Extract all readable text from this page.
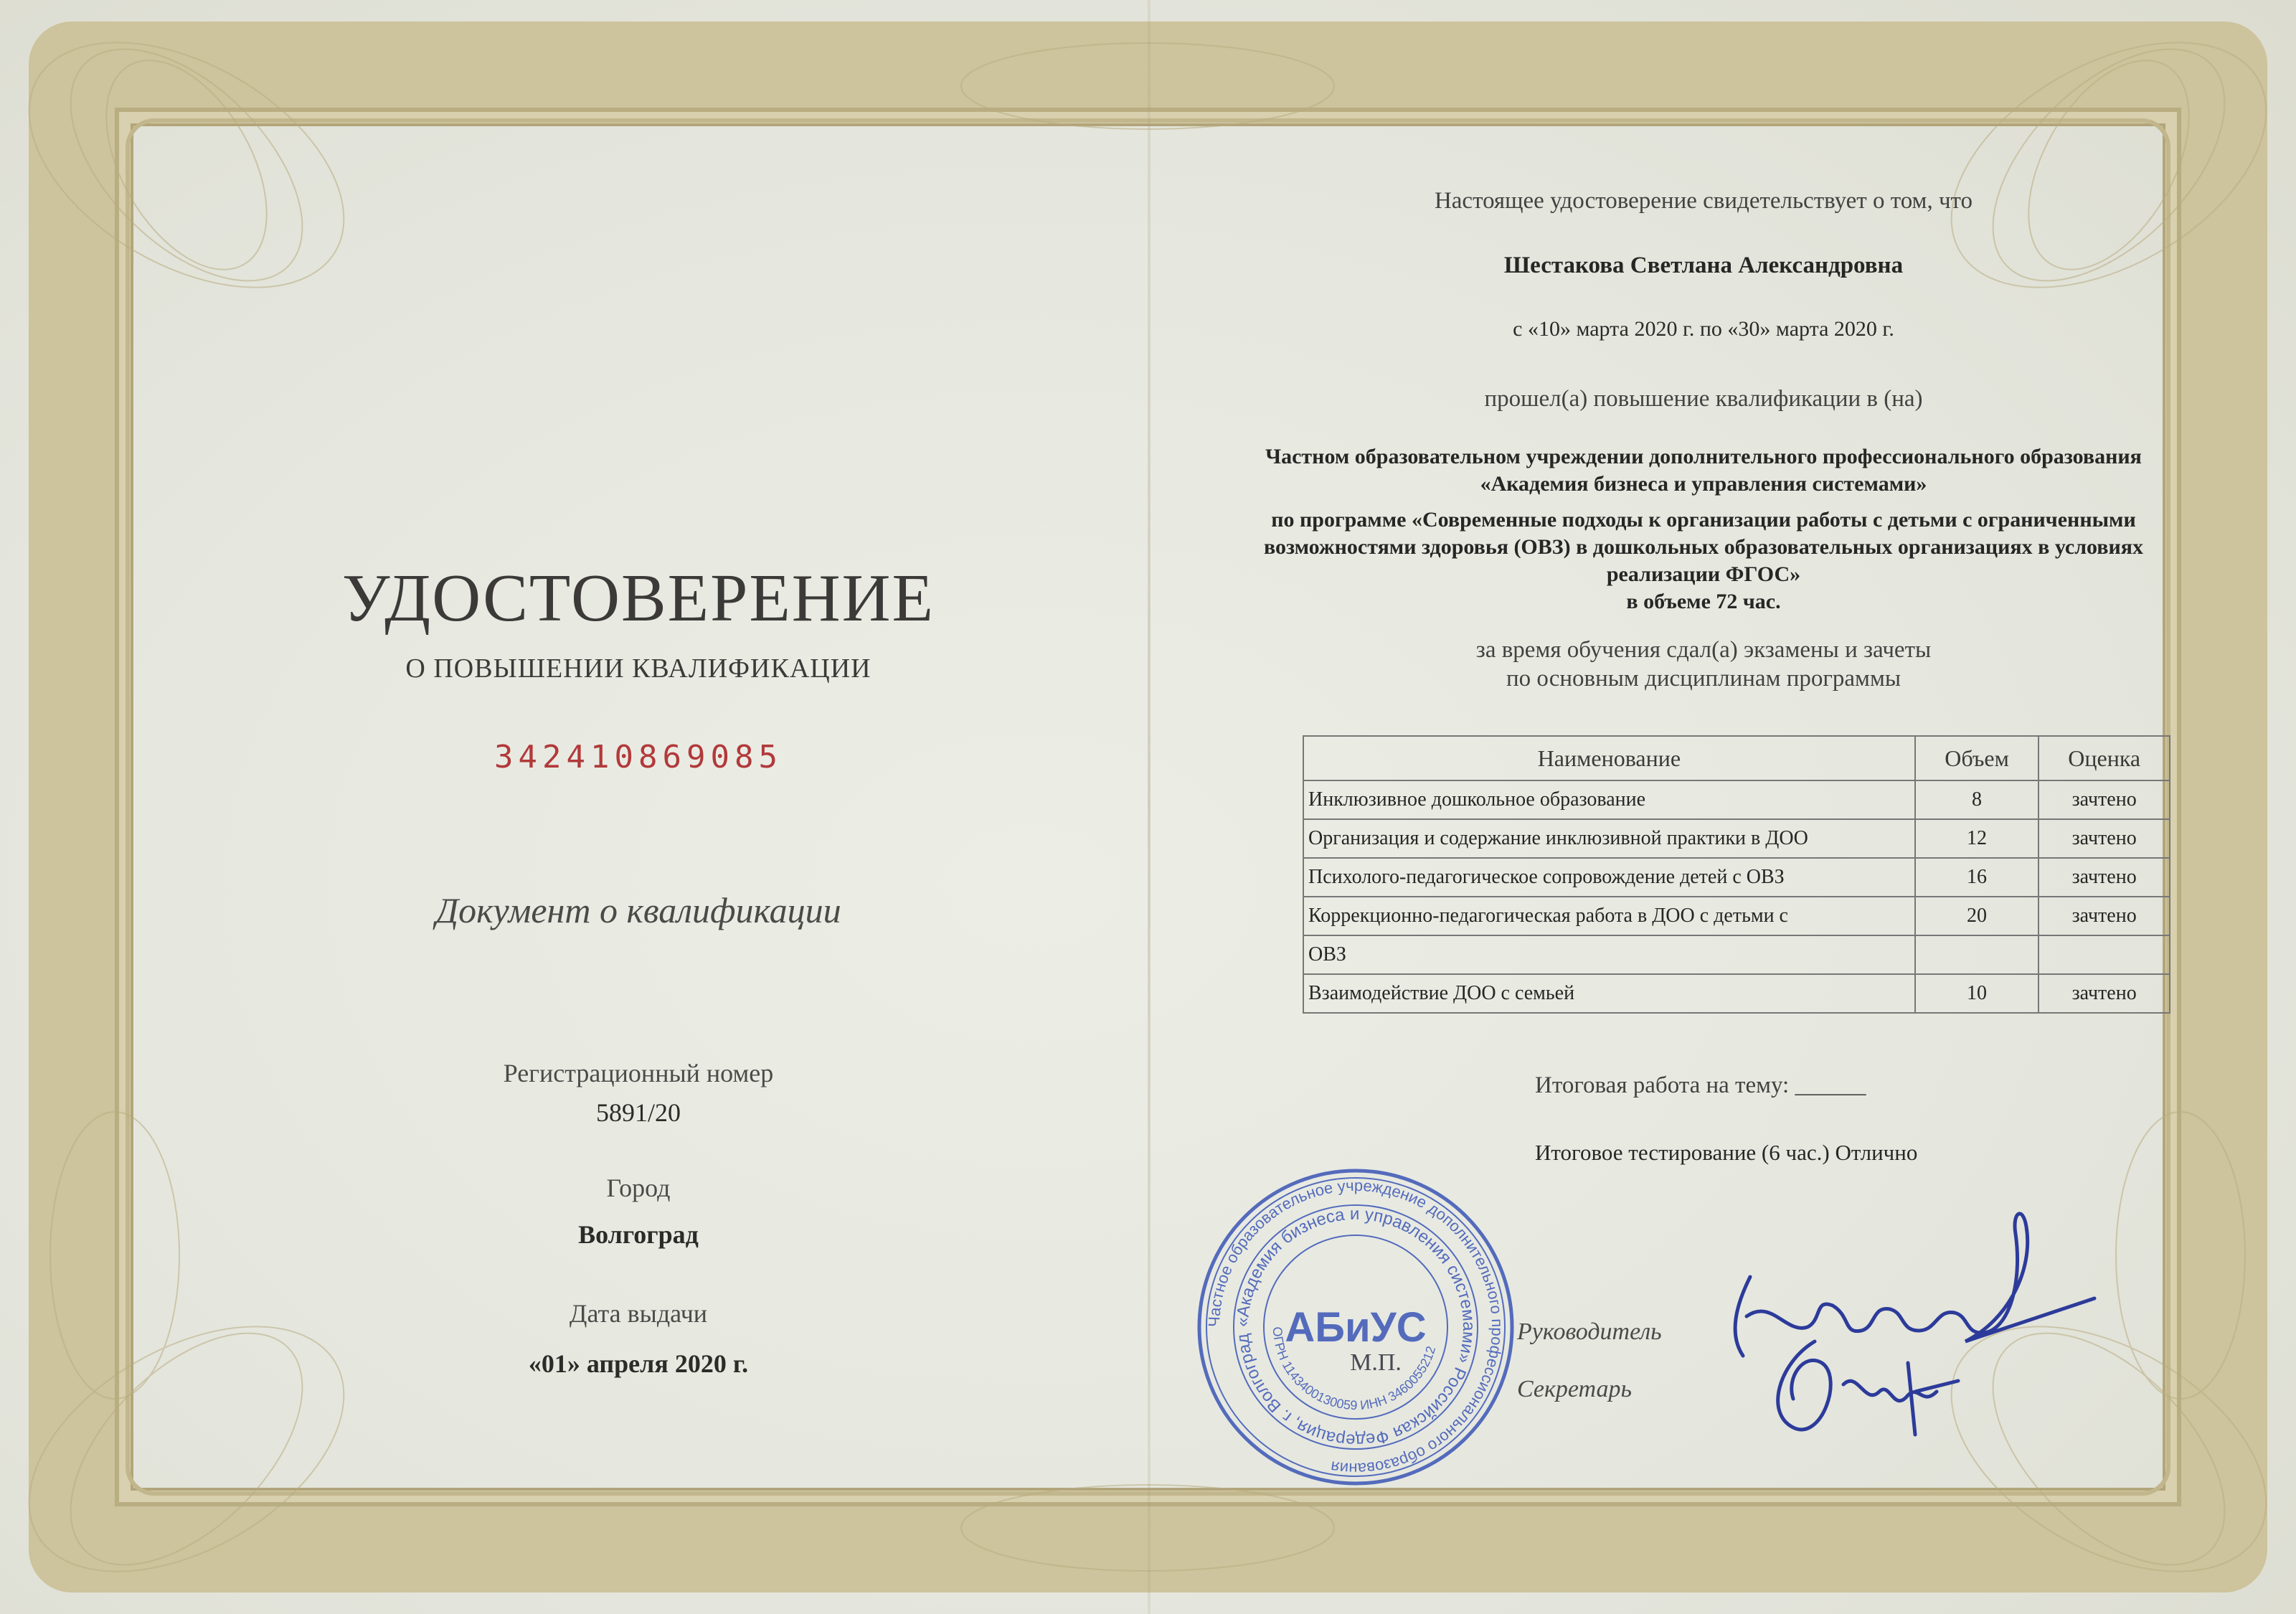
УДОСТОВЕРЕНИЕ
О ПОВЫШЕНИИ КВАЛИФИКАЦИИ
342410869085
Документ о квалификации
Регистрационный номер
5891/20
Город
Волгоград
Дата выдачи
«01» апреля 2020 г.
Настоящее удостоверение свидетельствует о том, что
Шестакова Светлана Александровна
с «10» марта 2020 г. по «30» марта 2020 г.
прошел(а) повышение квалификации в (на)
Частном образовательном учреждении дополнительного профессионального образования
«Академия бизнеса и управления системами»
по программе «Современные подходы к организации работы с детьми с ограниченными
возможностями здоровья (ОВЗ) в дошкольных образовательных организациях в условиях
реализации ФГОС»
в объеме 72 час.
за время обучения сдал(а) экзамены и зачеты
по основным дисциплинам программы
Наименование	Объем	Оценка
Инклюзивное дошкольное образование	8	зачтено
Организация и содержание инклюзивной практики в ДОО	12	зачтено
Психолого-педагогическое сопровождение детей с ОВЗ	16	зачтено
Коррекционно-педагогическая работа в ДОО с детьми с	20	зачтено
ОВЗ		
Взаимодействие ДОО с семьей	10	зачтено
Итоговая работа на тему: ______
Итоговое тестирование (6 час.) Отлично
Руководитель
Секретарь
Частное образовательное учреждение дополнительного профессионального образования
«Академия бизнеса и управления системами» Российская Федерация, г. Волгоград
ОГРН 1143400130059 ИНН 3460055212
АБиУС
М.П.
